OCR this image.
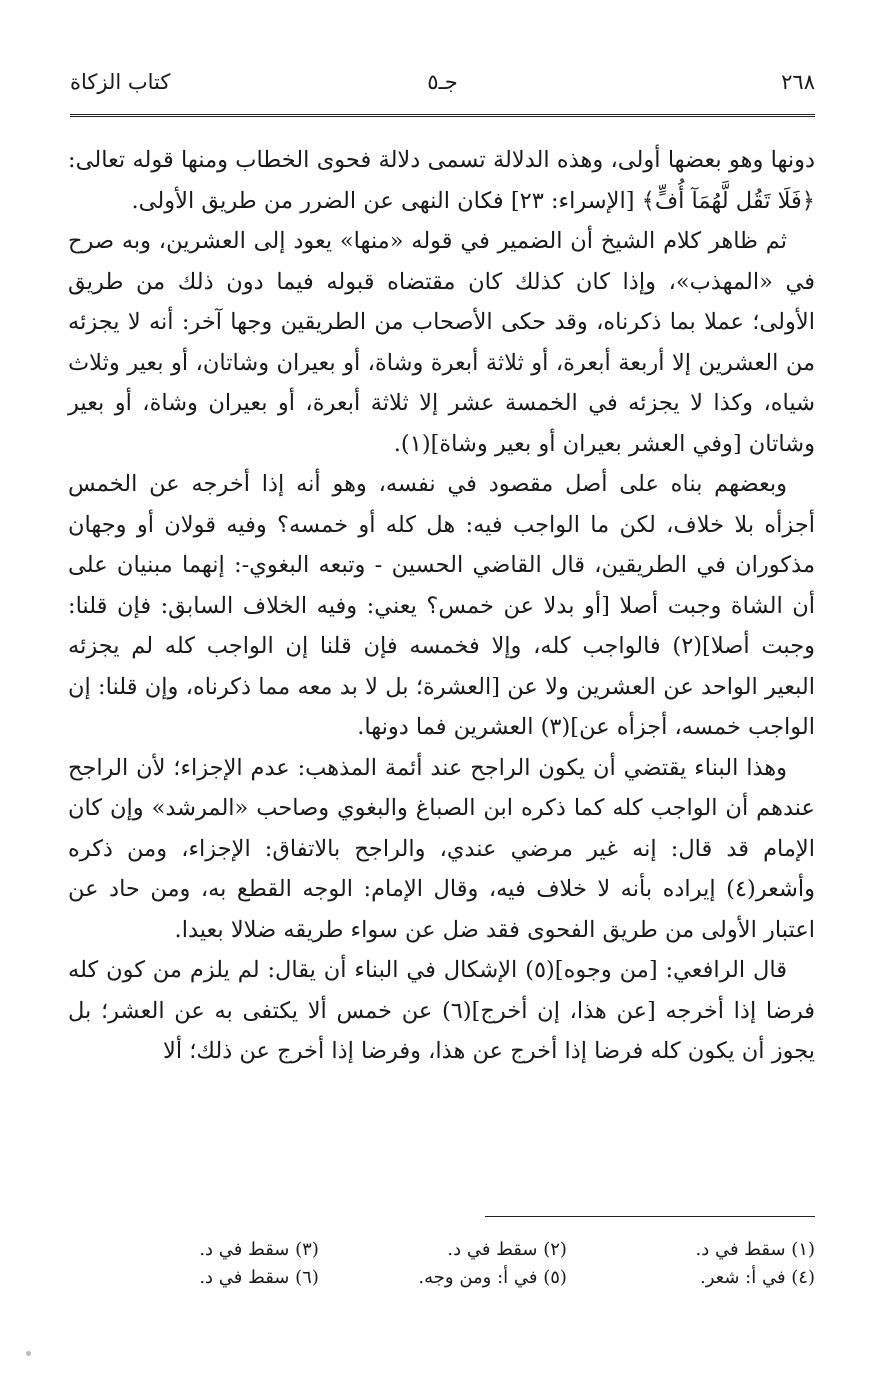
٢٦٨
جـ٥
كتاب الزكاة

دونها وهو بعضها أولى، وهذه الدلالة تسمى دلالة فحوى الخطاب ومنها قوله تعالى: ﴿فَلَا تَقُل لَّهُمَآ أُفٍّ﴾ [الإسراء: ٢٣] فكان النهى عن الضرر من طريق الأولى.

ثم ظاهر كلام الشيخ أن الضمير في قوله «منها» يعود إلى العشرين، وبه صرح في «المهذب»، وإذا كان كذلك كان مقتضاه قبوله فيما دون ذلك من طريق الأولى؛ عملا بما ذكرناه، وقد حكى الأصحاب من الطريقين وجها آخر: أنه لا يجزئه من العشرين إلا أربعة أبعرة، أو ثلاثة أبعرة وشاة، أو بعيران وشاتان، أو بعير وثلاث شياه، وكذا لا يجزئه في الخمسة عشر إلا ثلاثة أبعرة، أو بعيران وشاة، أو بعير وشاتان [وفي العشر بعيران أو بعير وشاة](١).

وبعضهم بناه على أصل مقصود في نفسه، وهو أنه إذا أخرجه عن الخمس أجزأه بلا خلاف، لكن ما الواجب فيه: هل كله أو خمسه؟ وفيه قولان أو وجهان مذكوران في الطريقين، قال القاضي الحسين - وتبعه البغوي-: إنهما مبنيان على أن الشاة وجبت أصلا [أو بدلا عن خمس؟ يعني: وفيه الخلاف السابق: فإن قلنا: وجبت أصلا](٢) فالواجب كله، وإلا فخمسه فإن قلنا إن الواجب كله لم يجزئه البعير الواحد عن العشرين ولا عن [العشرة؛ بل لا بد معه مما ذكرناه، وإن قلنا: إن الواجب خمسه، أجزأه عن](٣) العشرين فما دونها.

وهذا البناء يقتضي أن يكون الراجح عند أئمة المذهب: عدم الإجزاء؛ لأن الراجح عندهم أن الواجب كله كما ذكره ابن الصباغ والبغوي وصاحب «المرشد» وإن كان الإمام قد قال: إنه غير مرضي عندي، والراجح بالاتفاق: الإجزاء، ومن ذكره وأشعر(٤) إيراده بأنه لا خلاف فيه، وقال الإمام: الوجه القطع به، ومن حاد عن اعتبار الأولى من طريق الفحوى فقد ضل عن سواء طريقه ضلالا بعيدا.

قال الرافعي: [من وجوه](٥) الإشكال في البناء أن يقال: لم يلزم من كون كله فرضا إذا أخرجه [عن هذا، إن أخرج](٦) عن خمس ألا يكتفى به عن العشر؛ بل يجوز أن يكون كله فرضا إذا أخرج عن هذا، وفرضا إذا أخرج عن ذلك؛ ألا

(١) سقط في د.
(٢) سقط في د.
(٣) سقط في د.
(٤) في أ: شعر.
(٥) في أ: ومن وجه.
(٦) سقط في د.
